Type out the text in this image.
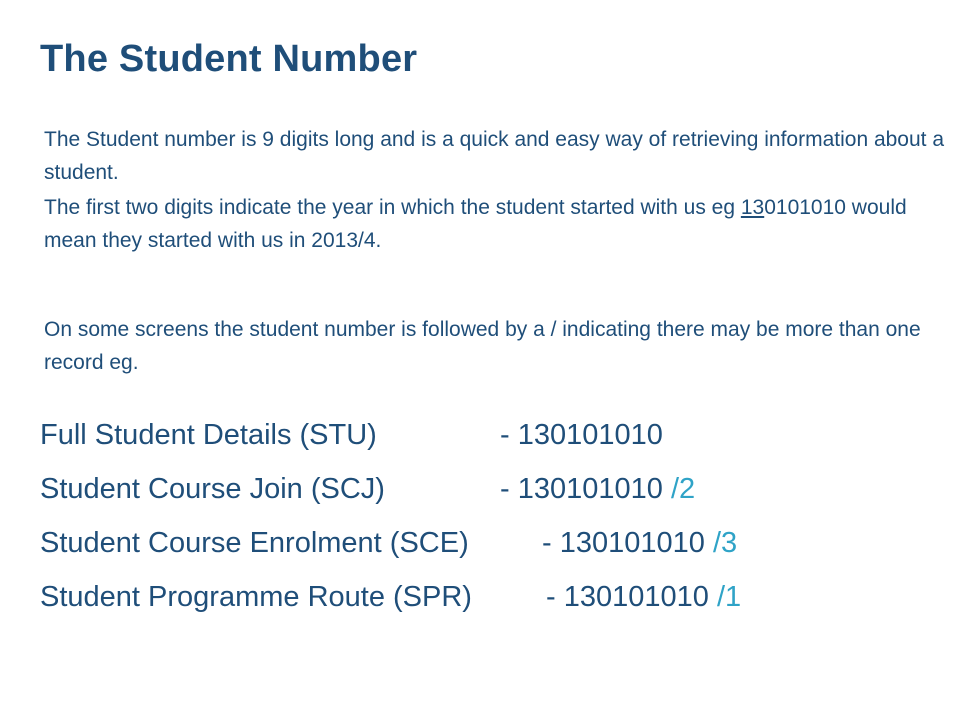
The Student Number

The Student number is 9 digits long and is a quick and easy way of retrieving information about a student.

The first two digits indicate the year in which the student started with us eg 130101010 would mean they started with us in 2013/4.

On some screens the student number is followed by a / indicating there may be more than one record eg.

Full Student Details (STU)	- 130101010
Student Course Join (SCJ)	- 130101010 /2
Student Course Enrolment (SCE)	- 130101010 /3
Student Programme Route (SPR)	- 130101010 /1
